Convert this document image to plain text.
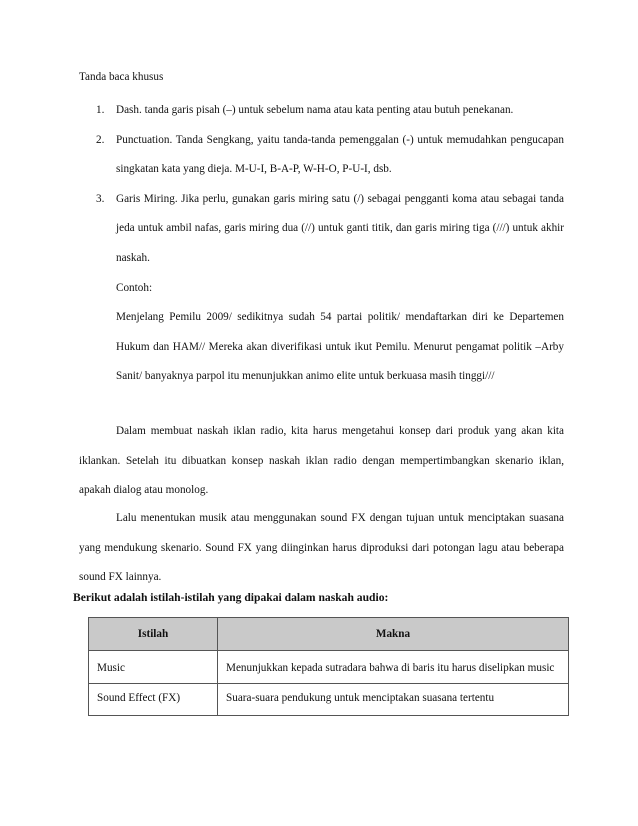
Tanda baca khusus
1. Dash. tanda garis pisah (–) untuk sebelum nama atau kata penting atau butuh penekanan.
2. Punctuation. Tanda Sengkang, yaitu tanda-tanda pemenggalan (-) untuk memudahkan pengucapan singkatan kata yang dieja. M-U-I, B-A-P, W-H-O, P-U-I, dsb.
3. Garis Miring. Jika perlu, gunakan garis miring satu (/) sebagai pengganti koma atau sebagai tanda jeda untuk ambil nafas, garis miring dua (//) untuk ganti titik, dan garis miring tiga (///) untuk akhir naskah.
Contoh:
Menjelang Pemilu 2009/ sedikitnya sudah 54 partai politik/ mendaftarkan diri ke Departemen Hukum dan HAM// Mereka akan diverifikasi untuk ikut Pemilu. Menurut pengamat politik –Arby Sanit/ banyaknya parpol itu menunjukkan animo elite untuk berkuasa masih tinggi///

Dalam membuat naskah iklan radio, kita harus mengetahui konsep dari produk yang akan kita iklankan. Setelah itu dibuatkan konsep naskah iklan radio dengan mempertimbangkan skenario iklan, apakah dialog atau monolog.

Lalu menentukan musik atau menggunakan sound FX dengan tujuan untuk menciptakan suasana yang mendukung skenario. Sound FX yang diinginkan harus diproduksi dari potongan lagu atau beberapa sound FX lainnya.

Berikut adalah istilah-istilah yang dipakai dalam naskah audio:
Istilah	Makna
Music	Menunjukkan kepada sutradara bahwa di baris itu harus diselipkan music
Sound Effect (FX)	Suara-suara pendukung untuk menciptakan suasana tertentu
